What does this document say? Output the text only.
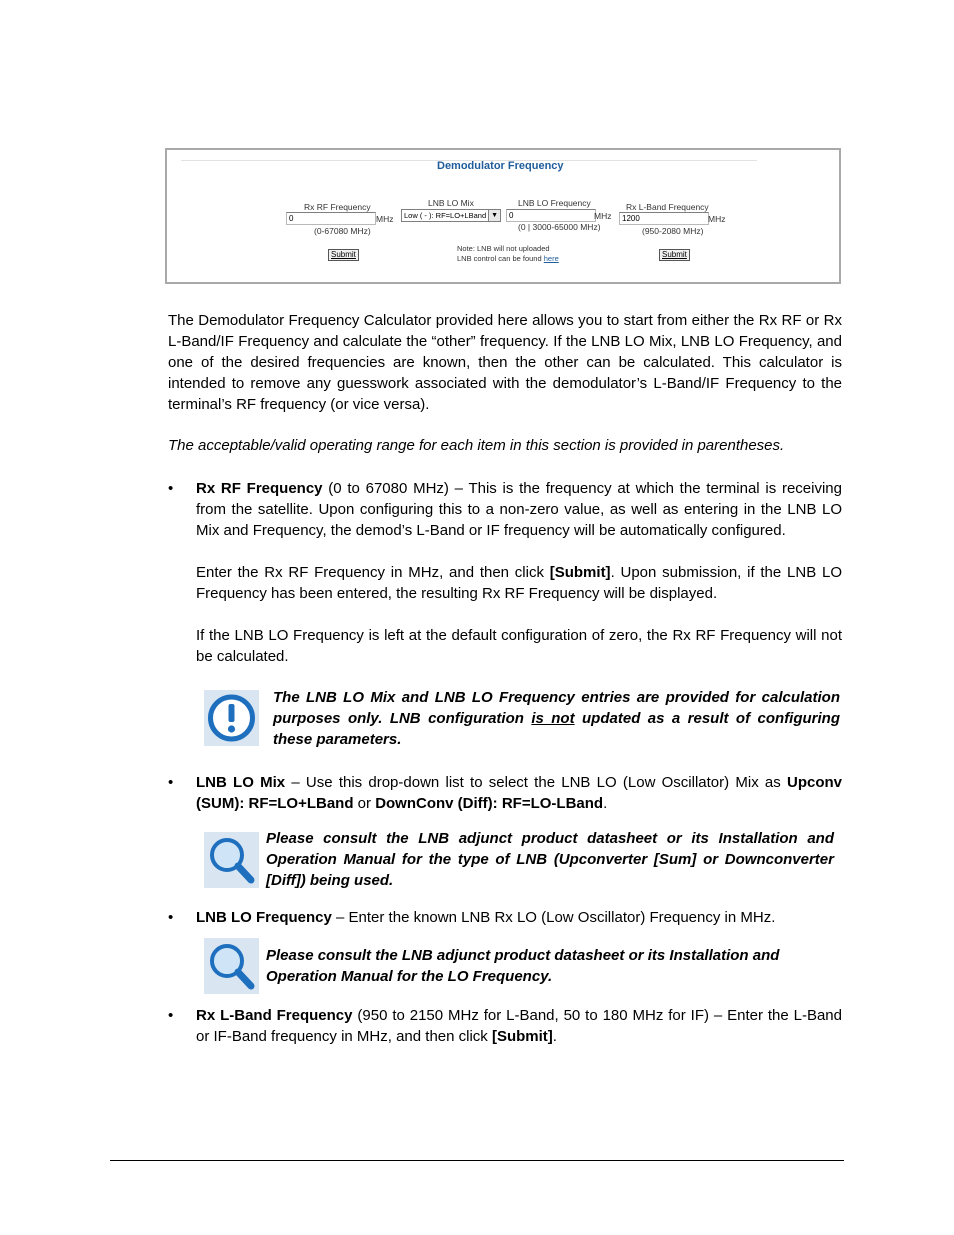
Demodulator Frequency
Rx RF Frequency
0	MHz
(0-67080 MHz)
Submit
LNB LO Mix
Low ( - ): RF=LO+LBand ▼
LNB LO Frequency
0	MHz
(0 | 3000-65000 MHz)
Note: LNB will not uploaded
LNB control can be found here
Rx L-Band Frequency
1200	MHz
(950-2080 MHz)
Submit
The Demodulator Frequency Calculator provided here allows you to start from either the Rx RF or Rx L-Band/IF Frequency and calculate the “other” frequency. If the LNB LO Mix, LNB LO Frequency, and one of the desired frequencies are known, then the other can be calculated. This calculator is intended to remove any guesswork associated with the demodulator’s L-Band/IF Frequency to the terminal’s RF frequency (or vice versa).
The acceptable/valid operating range for each item in this section is provided in parentheses.
• Rx RF Frequency (0 to 67080 MHz) – This is the frequency at which the terminal is receiving from the satellite. Upon configuring this to a non-zero value, as well as entering in the LNB LO Mix and Frequency, the demod’s L-Band or IF frequency will be automatically configured.
Enter the Rx RF Frequency in MHz, and then click [Submit]. Upon submission, if the LNB LO Frequency has been entered, the resulting Rx RF Frequency will be displayed.
If the LNB LO Frequency is left at the default configuration of zero, the Rx RF Frequency will not be calculated.
The LNB LO Mix and LNB LO Frequency entries are provided for calculation purposes only. LNB configuration is not updated as a result of configuring these parameters.
• LNB LO Mix – Use this drop-down list to select the LNB LO (Low Oscillator) Mix as Upconv (SUM): RF=LO+LBand or DownConv (Diff): RF=LO-LBand.
Please consult the LNB adjunct product datasheet or its Installation and Operation Manual for the type of LNB (Upconverter [Sum] or Downconverter [Diff]) being used.
• LNB LO Frequency – Enter the known LNB Rx LO (Low Oscillator) Frequency in MHz.
Please consult the LNB adjunct product datasheet or its Installation and Operation Manual for the LO Frequency.
• Rx L-Band Frequency (950 to 2150 MHz for L-Band, 50 to 180 MHz for IF) – Enter the L-Band or IF-Band frequency in MHz, and then click [Submit].
